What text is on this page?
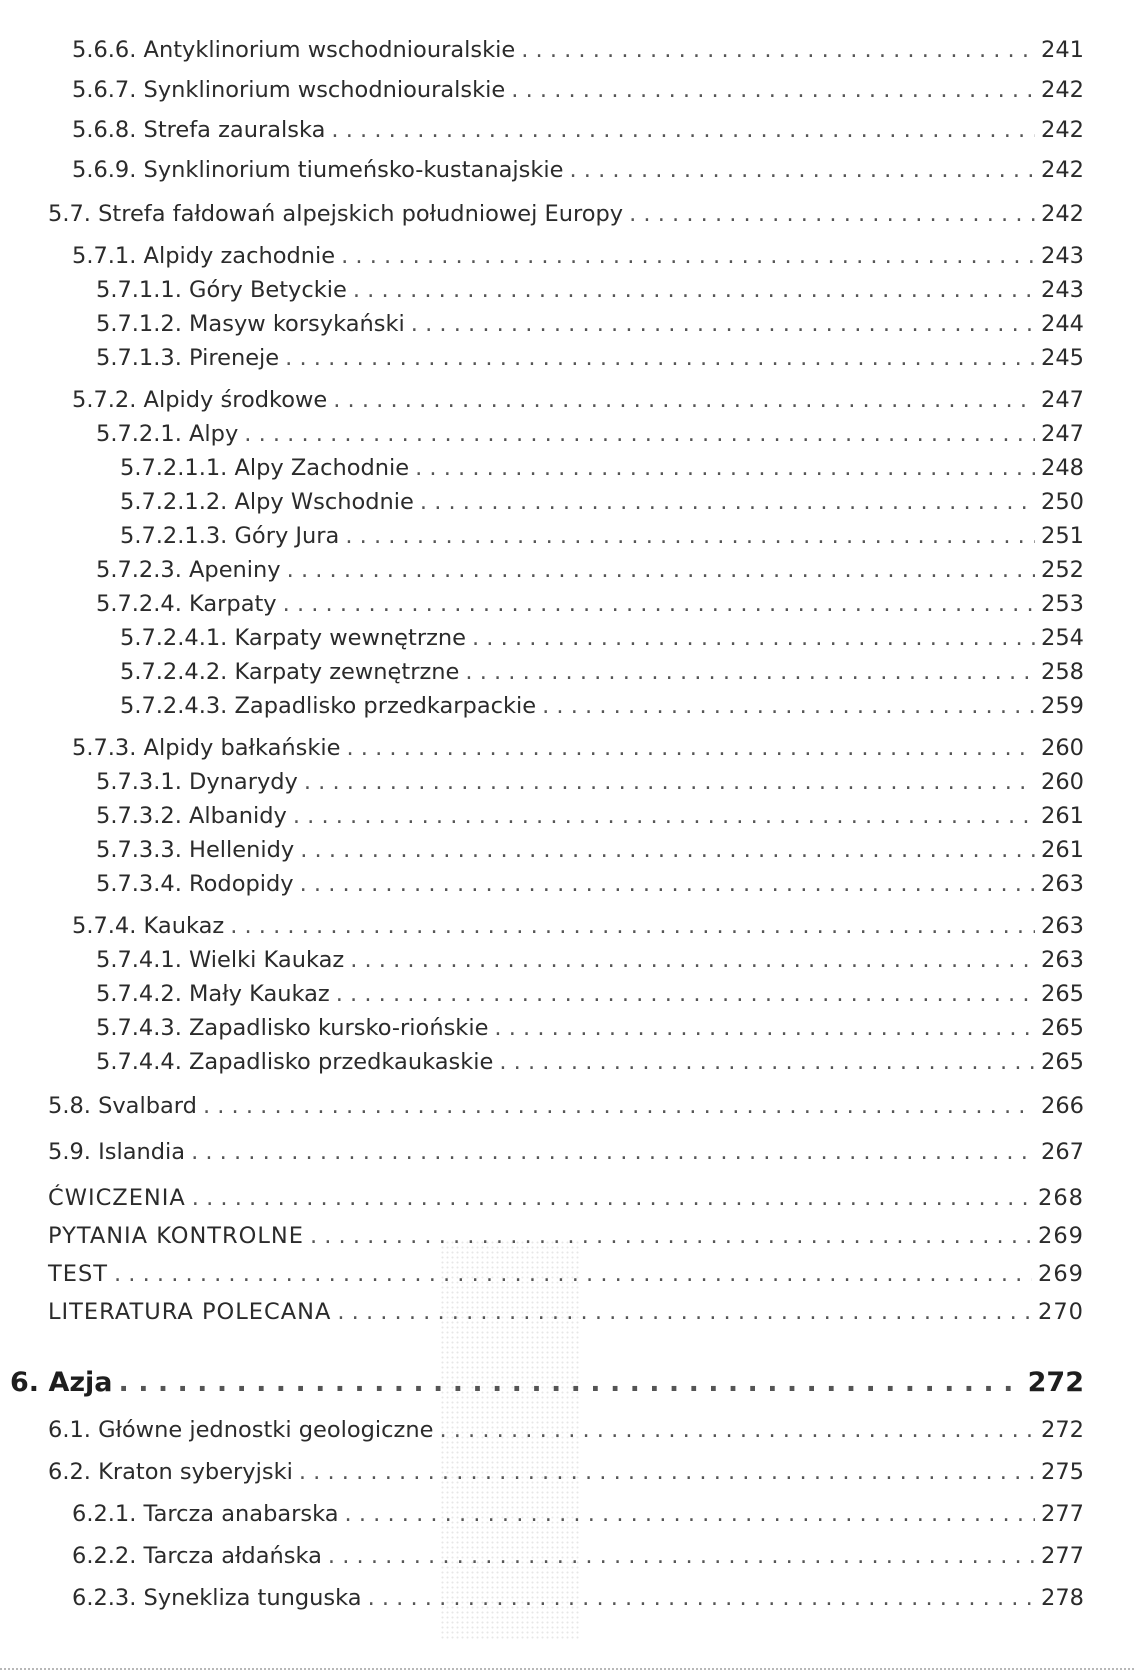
5.6.6. Antyklinorium wschodniouralskie . . .	241
5.6.7. Synklinorium wschodniouralskie . . .	242
5.6.8. Strefa zauralska . . .	242
5.6.9. Synklinorium tiumeńsko-kustanajskie . . .	242
5.7. Strefa fałdowań alpejskich południowej Europy . . .	242
5.7.1. Alpidy zachodnie . . .	243
5.7.1.1. Góry Betyckie . . .	243
5.7.1.2. Masyw korsykański . . .	244
5.7.1.3. Pireneje . . .	245
5.7.2. Alpidy środkowe . . .	247
5.7.2.1. Alpy . . .	247
5.7.2.1.1. Alpy Zachodnie . . .	248
5.7.2.1.2. Alpy Wschodnie . . .	250
5.7.2.1.3. Góry Jura . . .	251
5.7.2.3. Apeniny . . .	252
5.7.2.4. Karpaty . . .	253
5.7.2.4.1. Karpaty wewnętrzne . . .	254
5.7.2.4.2. Karpaty zewnętrzne . . .	258
5.7.2.4.3. Zapadlisko przedkarpackie . . .	259
5.7.3. Alpidy bałkańskie . . .	260
5.7.3.1. Dynarydy . . .	260
5.7.3.2. Albanidy . . .	261
5.7.3.3. Hellenidy . . .	261
5.7.3.4. Rodopidy . . .	263
5.7.4. Kaukaz . . .	263
5.7.4.1. Wielki Kaukaz . . .	263
5.7.4.2. Mały Kaukaz . . .	265
5.7.4.3. Zapadlisko kursko-riońskie . . .	265
5.7.4.4. Zapadlisko przedkaukaskie . . .	265
5.8. Svalbard . . .	266
5.9. Islandia . . .	267
ĆWICZENIA . . .	268
PYTANIA KONTROLNE . . .	269
TEST . . .	269
LITERATURA POLECANA . . .	270
6. Azja . . .	272
6.1. Główne jednostki geologiczne . . .	272
6.2. Kraton syberyjski . . .	275
6.2.1. Tarcza anabarska . . .	277
6.2.2. Tarcza ałdańska . . .	277
6.2.3. Synekliza tunguska . . .	278
